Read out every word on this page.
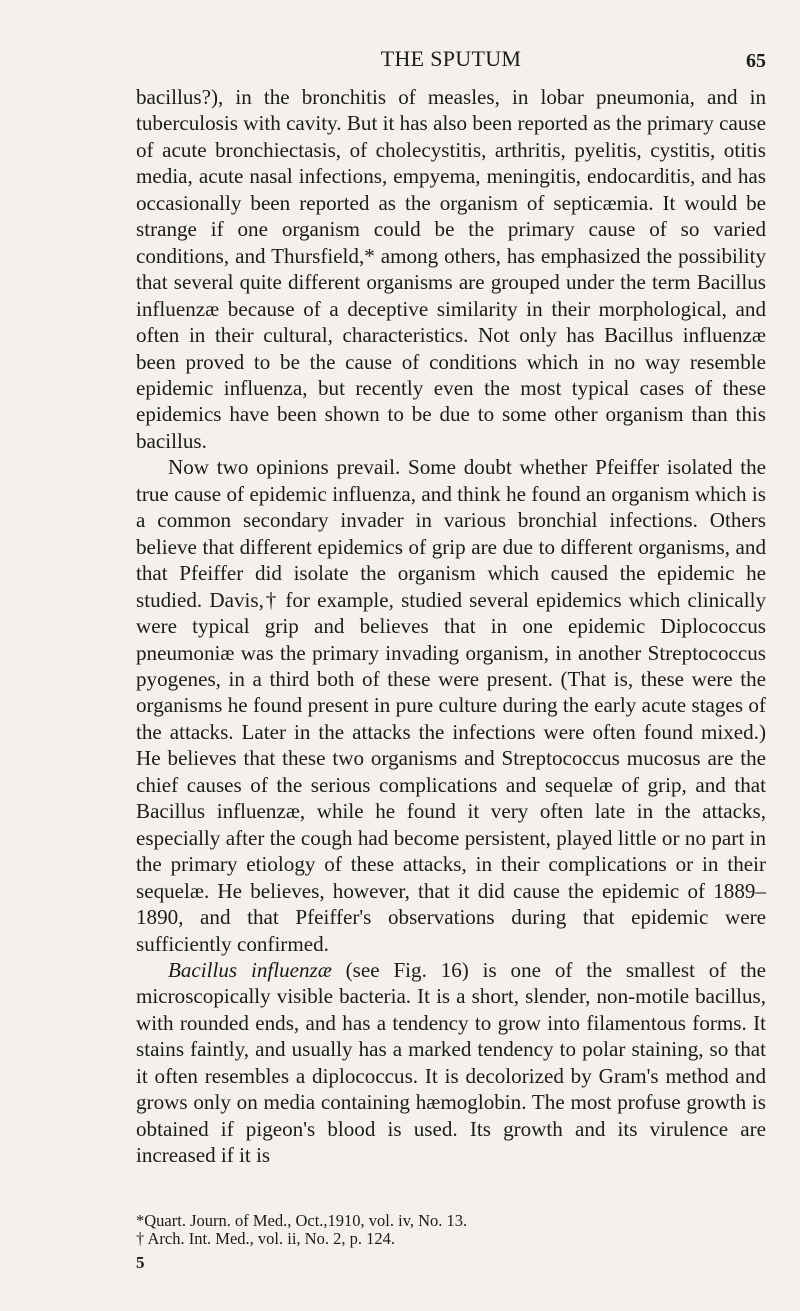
THE SPUTUM	65

bacillus?), in the bronchitis of measles, in lobar pneumonia, and in tuberculosis with cavity. But it has also been reported as the primary cause of acute bronchiectasis, of cholecystitis, arthritis, pyelitis, cystitis, otitis media, acute nasal infections, empyema, meningitis, endocarditis, and has occasionally been reported as the organism of septicæmia. It would be strange if one organism could be the primary cause of so varied conditions, and Thursfield,* among others, has emphasized the possibility that several quite different organisms are grouped under the term Bacillus influenzæ because of a deceptive similarity in their morphological, and often in their cultural, characteristics. Not only has Bacillus influenzæ been proved to be the cause of conditions which in no way resemble epidemic influenza, but recently even the most typical cases of these epidemics have been shown to be due to some other organism than this bacillus.

Now two opinions prevail. Some doubt whether Pfeiffer isolated the true cause of epidemic influenza, and think he found an organism which is a common secondary invader in various bronchial infections. Others believe that different epidemics of grip are due to different organisms, and that Pfeiffer did isolate the organism which caused the epidemic he studied. Davis,† for example, studied several epidemics which clinically were typical grip and believes that in one epidemic Diplococcus pneumoniæ was the primary invading organism, in another Streptococcus pyogenes, in a third both of these were present. (That is, these were the organisms he found present in pure culture during the early acute stages of the attacks. Later in the attacks the infections were often found mixed.) He believes that these two organisms and Streptococcus mucosus are the chief causes of the serious complications and sequelæ of grip, and that Bacillus influenzæ, while he found it very often late in the attacks, especially after the cough had become persistent, played little or no part in the primary etiology of these attacks, in their complications or in their sequelæ. He believes, however, that it did cause the epidemic of 1889–1890, and that Pfeiffer's observations during that epidemic were sufficiently confirmed.

Bacillus influenzæ (see Fig. 16) is one of the smallest of the microscopically visible bacteria. It is a short, slender, non-motile bacillus, with rounded ends, and has a tendency to grow into filamentous forms. It stains faintly, and usually has a marked tendency to polar staining, so that it often resembles a diplococcus. It is decolorized by Gram's method and grows only on media containing hæmoglobin. The most profuse growth is obtained if pigeon's blood is used. Its growth and its virulence are increased if it is

*Quart. Journ. of Med., Oct.,1910, vol. iv, No. 13.
† Arch. Int. Med., vol. ii, No. 2, p. 124.
5
